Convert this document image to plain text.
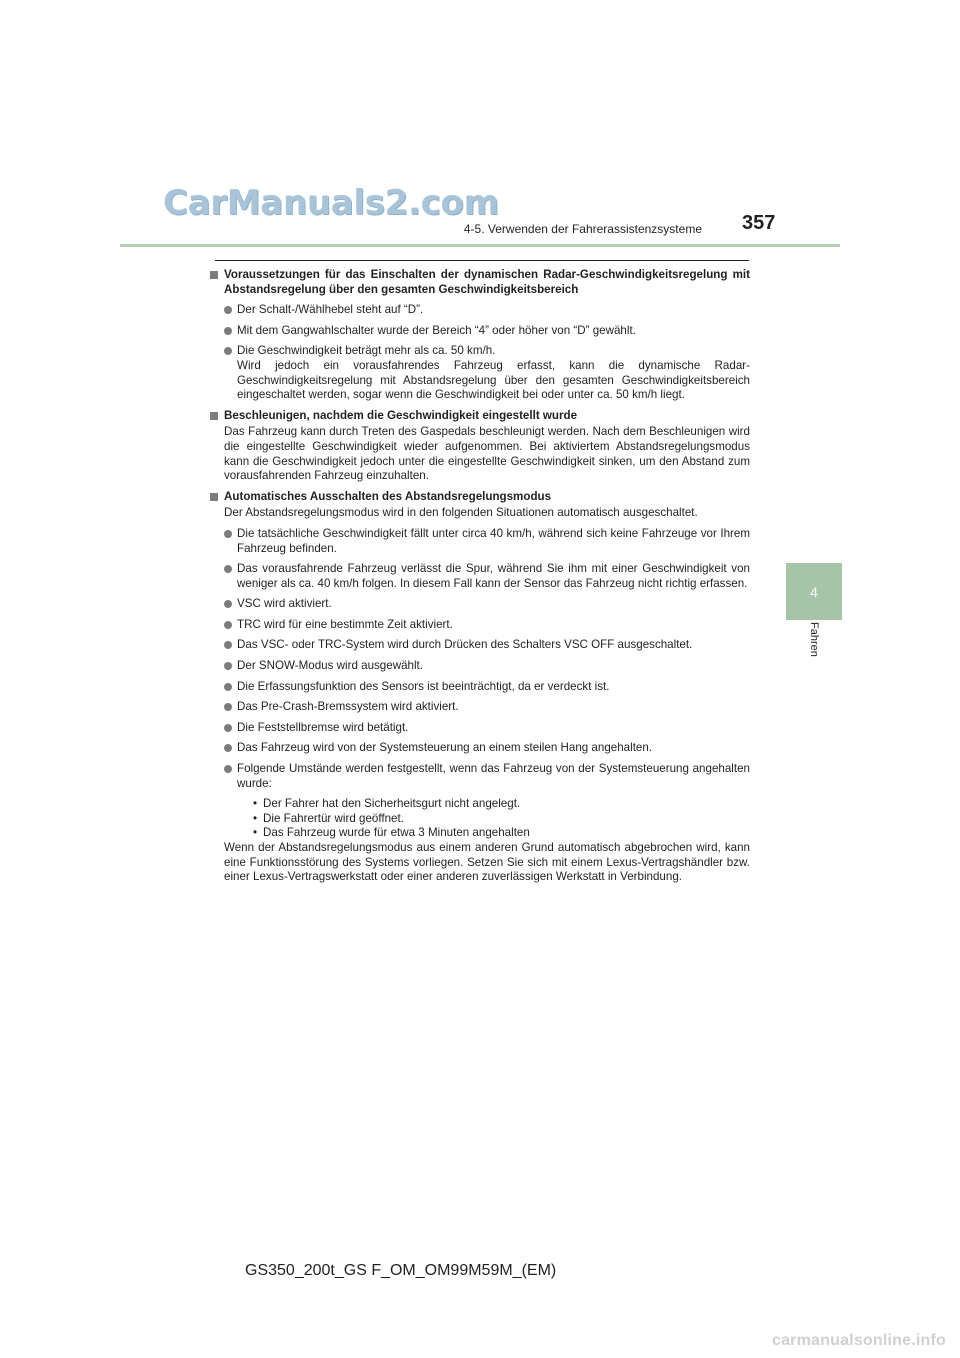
CarManuals2.com
4-5. Verwenden der Fahrerassistenzsysteme 357
4
Fahren
Voraussetzungen für das Einschalten der dynamischen Radar-Geschwindigkeitsregelung mit Abstandsregelung über den gesamten Geschwindigkeitsbereich
Der Schalt-/Wählhebel steht auf “D”.
Mit dem Gangwahlschalter wurde der Bereich “4” oder höher von “D” gewählt.
Die Geschwindigkeit beträgt mehr als ca. 50 km/h.
Wird jedoch ein vorausfahrendes Fahrzeug erfasst, kann die dynamische Radar-Geschwindigkeitsregelung mit Abstandsregelung über den gesamten Geschwindigkeitsbereich eingeschaltet werden, sogar wenn die Geschwindigkeit bei oder unter ca. 50 km/h liegt.
Beschleunigen, nachdem die Geschwindigkeit eingestellt wurde
Das Fahrzeug kann durch Treten des Gaspedals beschleunigt werden. Nach dem Beschleunigen wird die eingestellte Geschwindigkeit wieder aufgenommen. Bei aktiviertem Abstandsregelungsmodus kann die Geschwindigkeit jedoch unter die eingestellte Geschwindigkeit sinken, um den Abstand zum vorausfahrenden Fahrzeug einzuhalten.
Automatisches Ausschalten des Abstandsregelungsmodus
Der Abstandsregelungsmodus wird in den folgenden Situationen automatisch ausgeschaltet.
Die tatsächliche Geschwindigkeit fällt unter circa 40 km/h, während sich keine Fahrzeuge vor Ihrem Fahrzeug befinden.
Das vorausfahrende Fahrzeug verlässt die Spur, während Sie ihm mit einer Geschwindigkeit von weniger als ca. 40 km/h folgen. In diesem Fall kann der Sensor das Fahrzeug nicht richtig erfassen.
VSC wird aktiviert.
TRC wird für eine bestimmte Zeit aktiviert.
Das VSC- oder TRC-System wird durch Drücken des Schalters VSC OFF ausgeschaltet.
Der SNOW-Modus wird ausgewählt.
Die Erfassungsfunktion des Sensors ist beeinträchtigt, da er verdeckt ist.
Das Pre-Crash-Bremssystem wird aktiviert.
Die Feststellbremse wird betätigt.
Das Fahrzeug wird von der Systemsteuerung an einem steilen Hang angehalten.
Folgende Umstände werden festgestellt, wenn das Fahrzeug von der Systemsteuerung angehalten wurde:
• Der Fahrer hat den Sicherheitsgurt nicht angelegt.
• Die Fahrertür wird geöffnet.
• Das Fahrzeug wurde für etwa 3 Minuten angehalten
Wenn der Abstandsregelungsmodus aus einem anderen Grund automatisch abgebrochen wird, kann eine Funktionsstörung des Systems vorliegen. Setzen Sie sich mit einem Lexus-Vertragshändler bzw. einer Lexus-Vertragswerkstatt oder einer anderen zuverlässigen Werkstatt in Verbindung.
GS350_200t_GS F_OM_OM99M59M_(EM)
carmanualsonline.info
